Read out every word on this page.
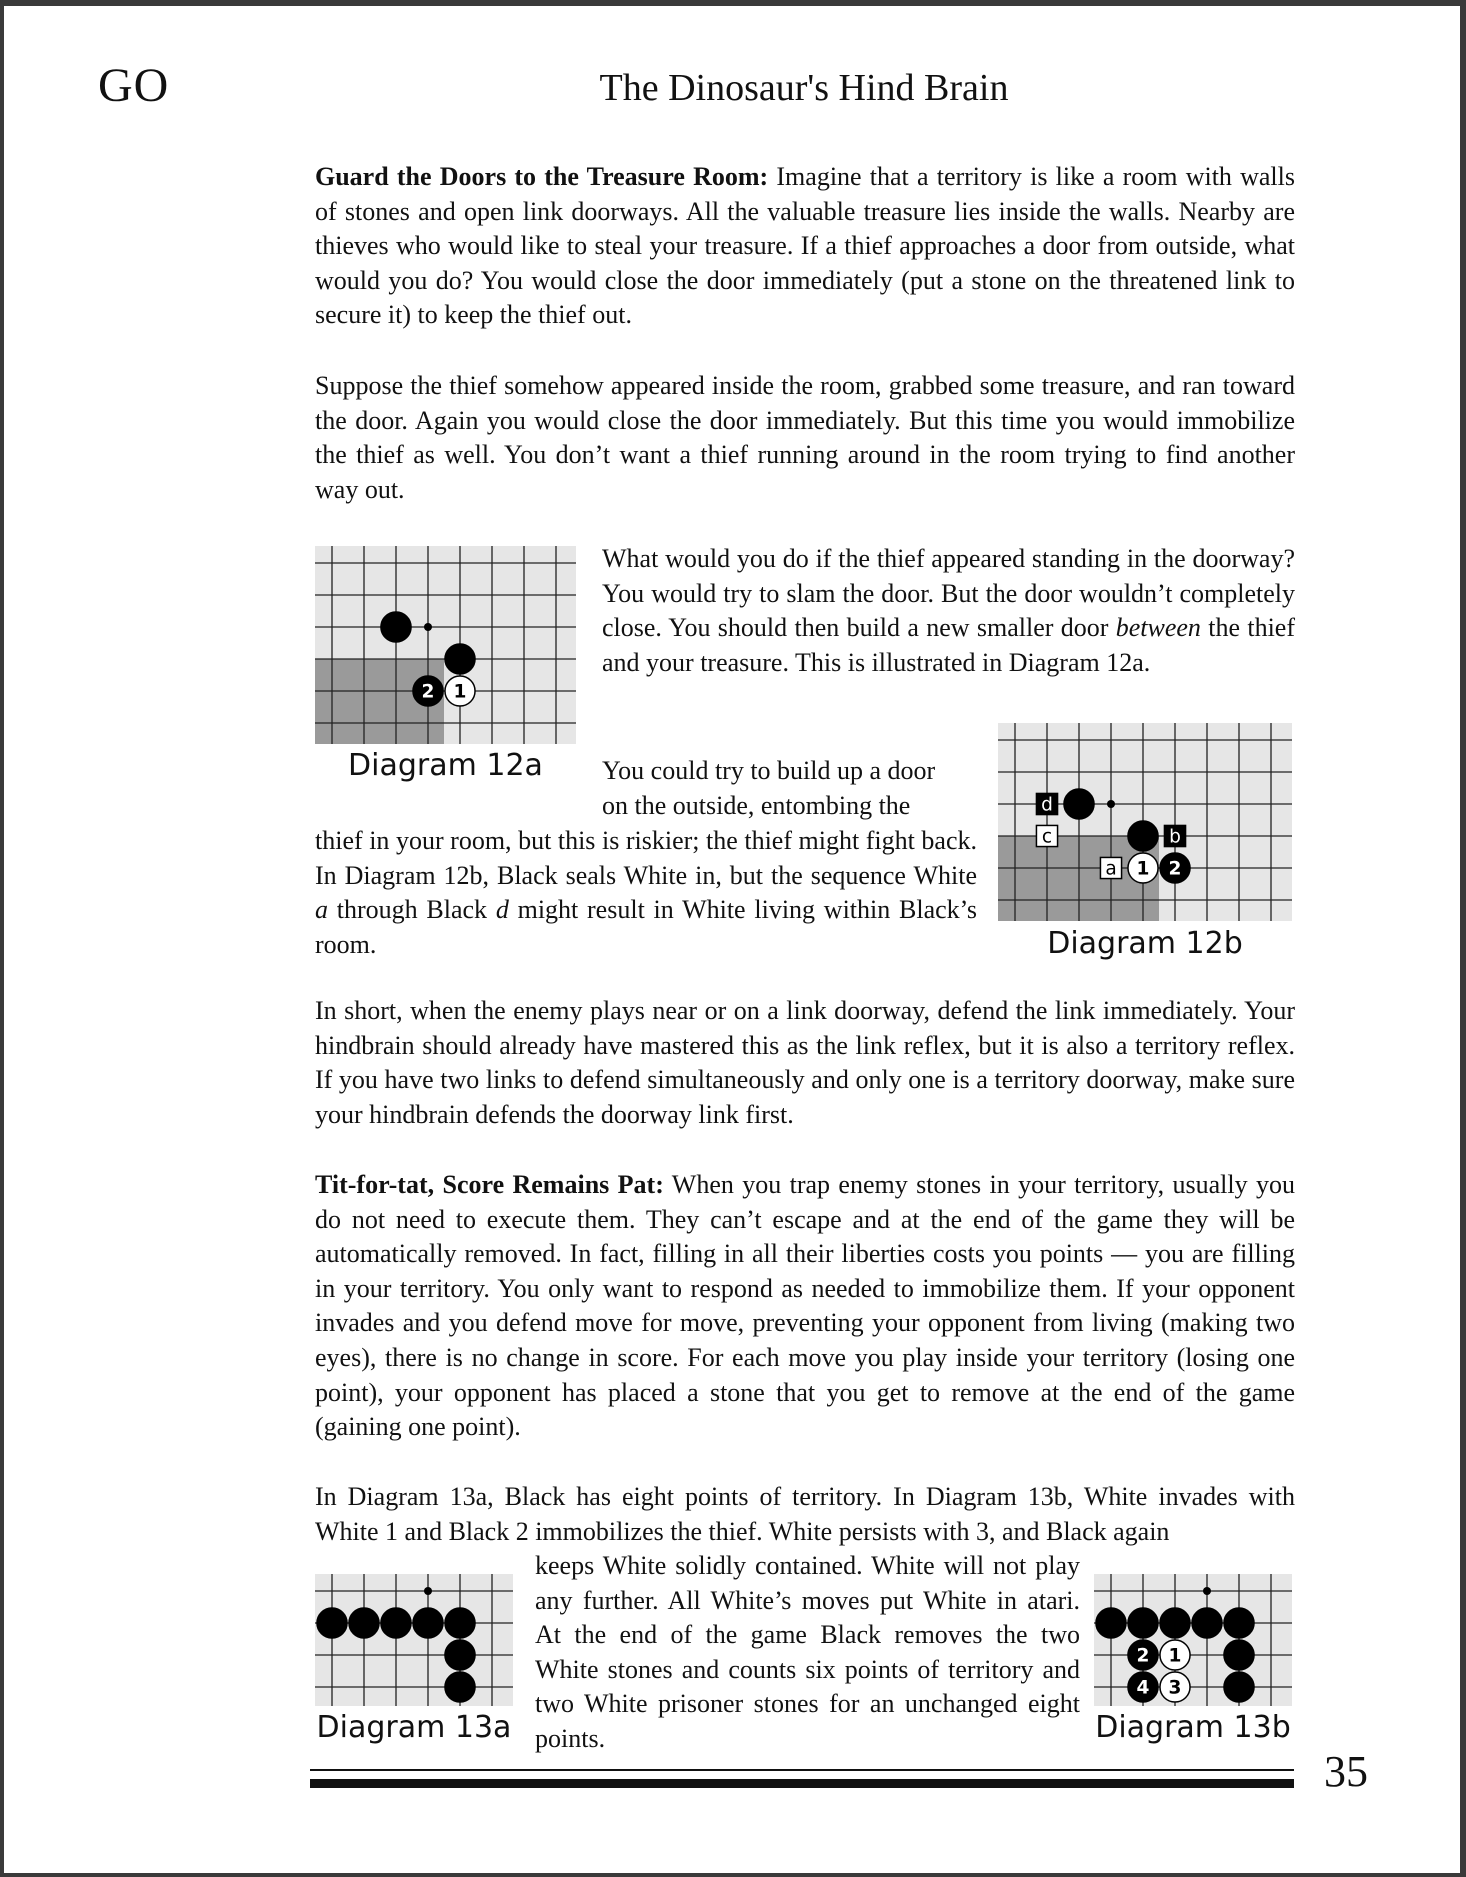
GO	The Dinosaur's Hind Brain
Guard the Doors to the Treasure Room: Imagine that a territory is like a room with walls of stones and open link doorways. All the valuable treasure lies inside the walls. Nearby are thieves who would like to steal your treasure. If a thief approaches a door from outside, what would you do? You would close the door immediately (put a stone on the threatened link to secure it) to keep the thief out.
Suppose the thief somehow appeared inside the room, grabbed some treasure, and ran toward the door. Again you would close the door immediately. But this time you would immobilize the thief as well. You don’t want a thief running around in the room trying to find another way out.
2 1
Diagram 12a
What would you do if the thief appeared standing in the doorway? You would try to slam the door. But the door wouldn’t completely close. You should then build a new smaller door between the thief and your treasure. This is illustrated in Diagram 12a.
You could try to build up a door
on the outside, entombing the
thief in your room, but this is riskier; the thief might fight back. In Diagram 12b, Black seals White in, but the sequence White a through Black d might result in White living within Black’s room.
2
1
d
b
c
a
Diagram 12b
In short, when the enemy plays near or on a link doorway, defend the link immediately. Your hindbrain should already have mastered this as the link reflex, but it is also a territory reflex. If you have two links to defend simultaneously and only one is a territory doorway, make sure your hindbrain defends the doorway link first.
Tit-for-tat, Score Remains Pat: When you trap enemy stones in your territory, usually you do not need to execute them. They can’t escape and at the end of the game they will be automatically removed. In fact, filling in all their liberties costs you points — you are filling in your territory. You only want to respond as needed to immobilize them. If your opponent invades and you defend move for move, preventing your opponent from living (making two eyes), there is no change in score. For each move you play inside your territory (losing one point), your opponent has placed a stone that you get to remove at the end of the game (gaining one point).
In Diagram 13a, Black has eight points of territory. In Diagram 13b, White invades with White 1 and Black 2 immobilizes the thief. White persists with 3, and Black again
keeps White solidly contained. White will not play any further. All White’s moves put White in atari. At the end of the game Black removes the two White stones and counts six points of territory and two White prisoner stones for an unchanged eight points.
Diagram 13a
2 1
4 3
Diagram 13b
35
